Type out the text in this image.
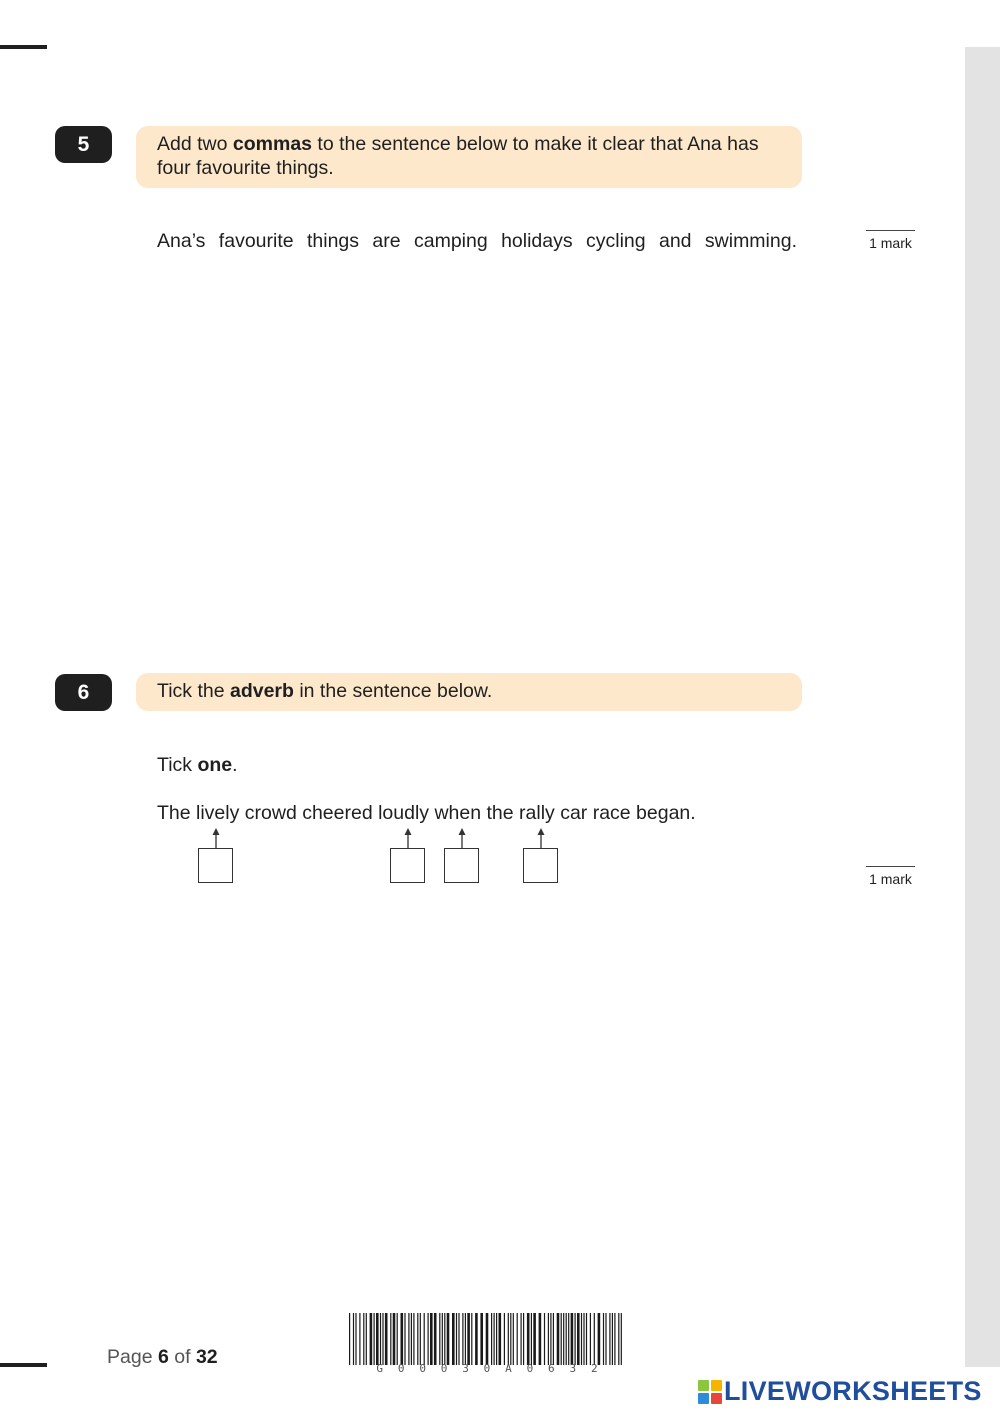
5	Add two commas to the sentence below to make it clear that Ana has four favourite things.
Ana’s favourite things are camping holidays cycling and swimming.	1 mark
6	Tick the adverb in the sentence below.
Tick one.
The lively crowd cheered loudly when the rally car race began.
1 mark
Page 6 of 32
G 0 0 0 3 0 A 0 6 3 2
LIVEWORKSHEETS
